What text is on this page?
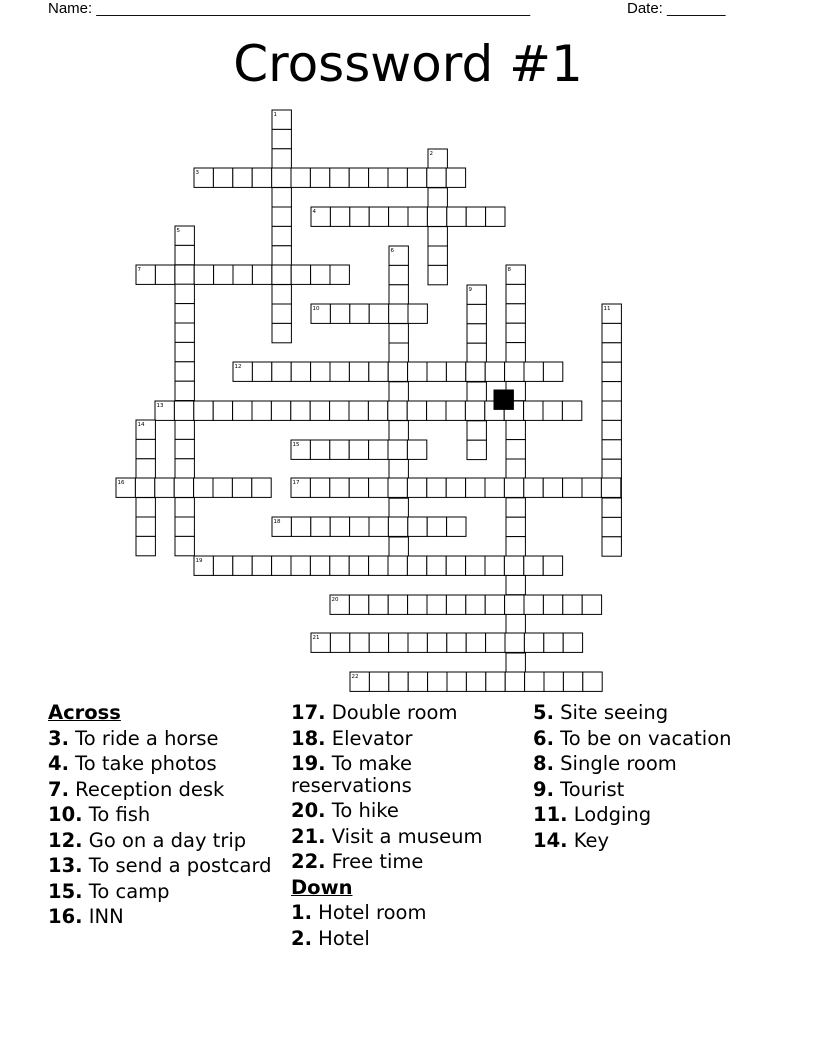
Name: ____________________________________________________	Date: _______
Crossword #1
1
2
3
4
5
6
7	8
9
10	11
12
13
14
15
16	17
18
19
20
21
22
Across
3. To ride a horse
4. To take photos
7. Reception desk
10. To fish
12. Go on a day trip
13. To send a postcard
15. To camp
16. INN
17. Double room
18. Elevator
19. To make reservations
20. To hike
21. Visit a museum
22. Free time
Down
1. Hotel room
2. Hotel
5. Site seeing
6. To be on vacation
8. Single room
9. Tourist
11. Lodging
14. Key
